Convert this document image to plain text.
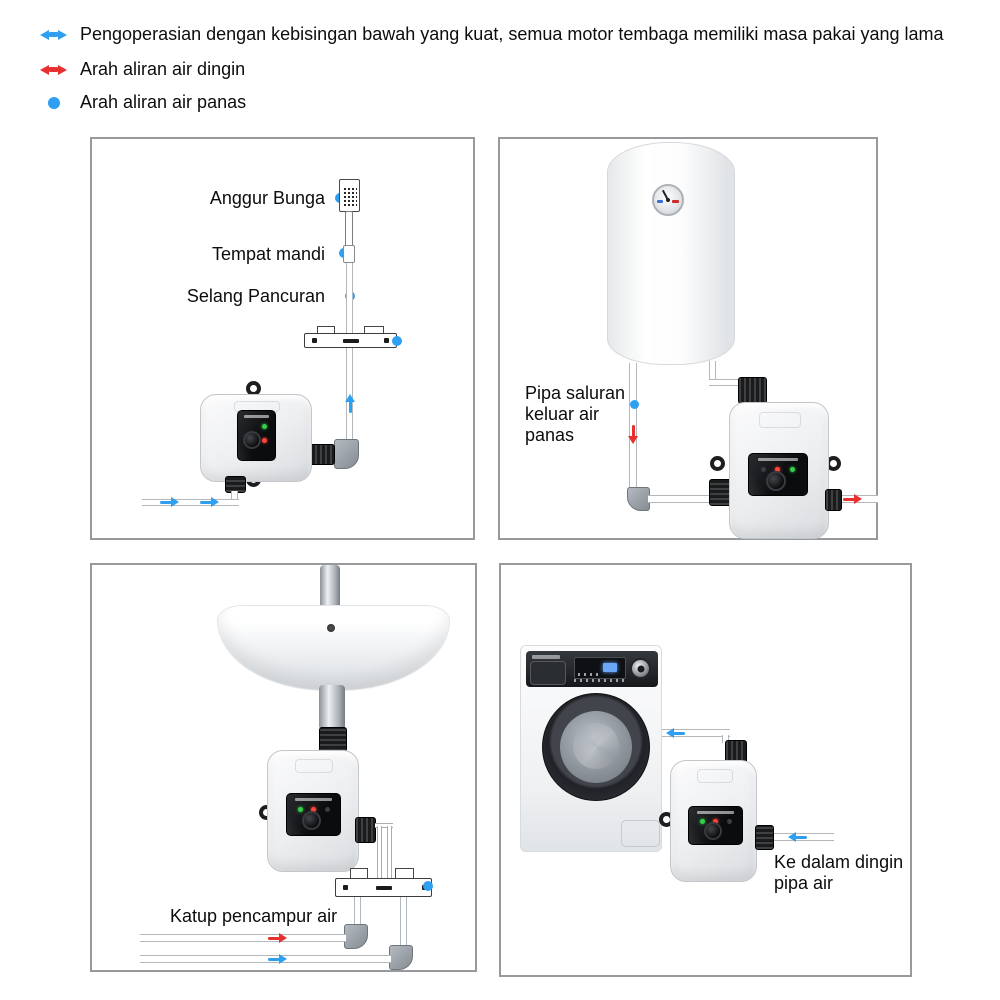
Pengoperasian dengan kebisingan bawah yang kuat, semua motor tembaga memiliki masa pakai yang lama
Arah aliran air dingin
Arah aliran air panas
Anggur Bunga
Tempat mandi
Selang Pancuran
Pipa saluran
keluar air
panas
Katup pencampur air
Ke dalam dingin
pipa air
